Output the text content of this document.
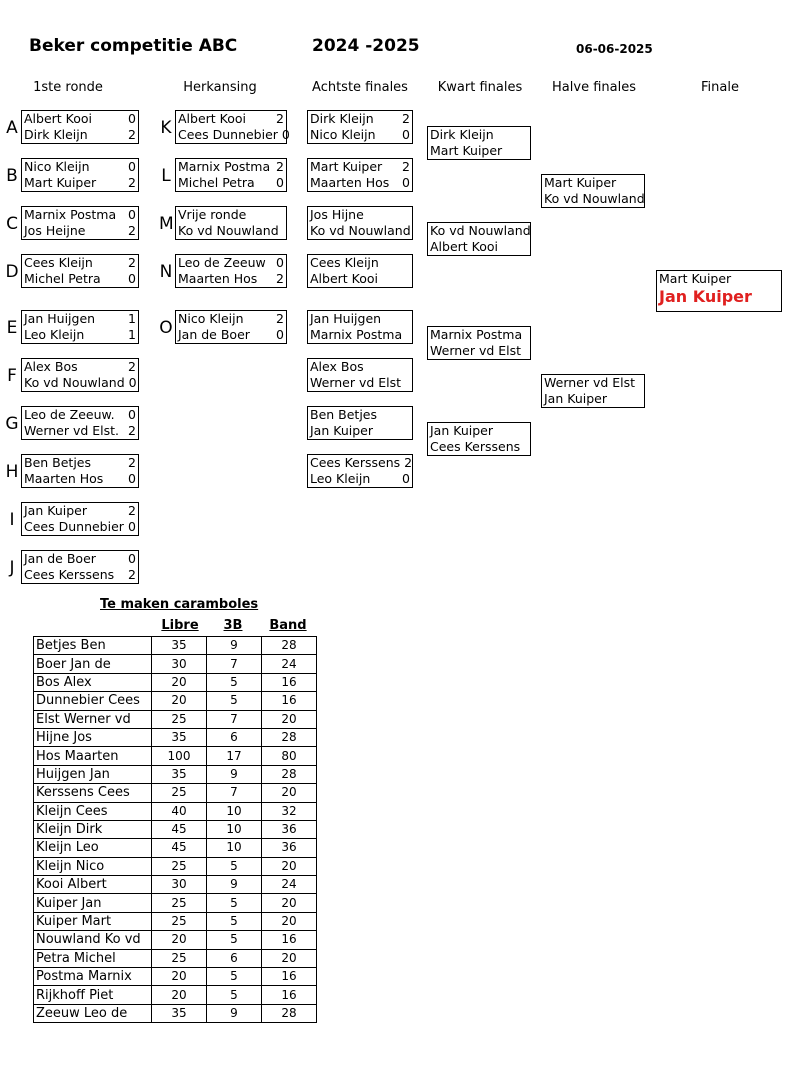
Beker competitie ABC	2024 -2025	06-06-2025
1ste ronde	Herkansing	Achtste finales	Kwart finales	Halve finales	Finale
A Albert Kooi	0
Dirk Kleijn	2
B Nico Kleijn	0
Mart Kuiper	2
C Marnix Postma 0
Jos Heijne	2
D Cees Kleijn	2
Michel Petra	0
E Jan Huijgen	1
Leo Kleijn	1
F Alex Bos	2
Ko vd Nouwland 0
G Leo de Zeeuw.	0
Werner vd Elst. 2
H Ben Betjes	2
Maarten Hos	0
I Jan Kuiper	2
Cees Dunnebier 0
J Jan de Boer	0
Cees Kerssens	2
K Albert Kooi	2
Cees Dunnebier 0
L Marnix Postma 2
Michel Petra	0
M Vrije ronde
Ko vd Nouwland
N Leo de Zeeuw 0
Maarten Hos	2
O Nico Kleijn	2
Jan de Boer	0
Dirk Kleijn	2
Nico Kleijn	0
Mart Kuiper	2
Maarten Hos	0
Jos Hijne
Ko vd Nouwland
Cees Kleijn
Albert Kooi
Jan Huijgen
Marnix Postma
Alex Bos
Werner vd Elst
Ben Betjes
Jan Kuiper
Cees Kerssens 2
Leo Kleijn	0
Dirk Kleijn
Mart Kuiper
Ko vd Nouwland
Albert Kooi
Marnix Postma
Werner vd Elst
Jan Kuiper
Cees Kerssens
Mart Kuiper
Ko vd Nouwland
Werner vd Elst
Jan Kuiper
Mart Kuiper
Jan Kuiper
Te maken caramboles
Libre	3B	Band
Betjes Ben	35	9	28
Boer Jan de	30	7	24
Bos Alex	20	5	16
Dunnebier Cees	20	5	16
Elst Werner vd	25	7	20
Hijne Jos	35	6	28
Hos Maarten	100	17	80
Huijgen Jan	35	9	28
Kerssens Cees	25	7	20
Kleijn Cees	40	10	32
Kleijn Dirk	45	10	36
Kleijn Leo	45	10	36
Kleijn Nico	25	5	20
Kooi Albert	30	9	24
Kuiper Jan	25	5	20
Kuiper Mart	25	5	20
Nouwland Ko vd	20	5	16
Petra Michel	25	6	20
Postma Marnix	20	5	16
Rijkhoff Piet	20	5	16
Zeeuw Leo de	35	9	28
